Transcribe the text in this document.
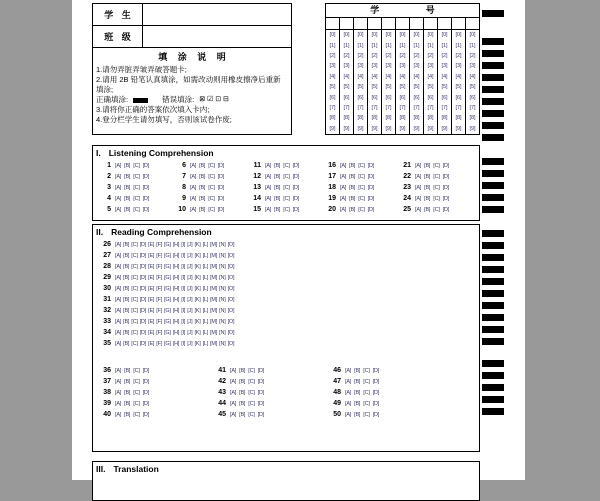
学 生
班 级
填 涂 说 明
1.请勿弄脏弄皱弄破答题卡;
2.请用 2B 铅笔认真填涂，如需改动则用橡皮擦净后重新填涂;
正确填涂:	错误填涂: ⊠ ☑ ⊡ ⊟
3.请将你正确的答案依次填入卡内;
4.登分栏学生请勿填写，否则该试卷作废;
学 号
[0]
[1]
[2]
[3]
[4]
[5]
[6]
[7]
[8]
[9]
[0]
[1]
[2]
[3]
[4]
[5]
[6]
[7]
[8]
[9]
[0]
[1]
[2]
[3]
[4]
[5]
[6]
[7]
[8]
[9]
[0]
[1]
[2]
[3]
[4]
[5]
[6]
[7]
[8]
[9]
[0]
[1]
[2]
[3]
[4]
[5]
[6]
[7]
[8]
[9]
[0]
[1]
[2]
[3]
[4]
[5]
[6]
[7]
[8]
[9]
[0]
[1]
[2]
[3]
[4]
[5]
[6]
[7]
[8]
[9]
[0]
[1]
[2]
[3]
[4]
[5]
[6]
[7]
[8]
[9]
[0]
[1]
[2]
[3]
[4]
[5]
[6]
[7]
[8]
[9]
[0]
[1]
[2]
[3]
[4]
[5]
[6]
[7]
[8]
[9]
[0]
[1]
[2]
[3]
[4]
[5]
[6]
[7]
[8]
[9]
I. Listening Comprehension
1 [A] [B] [C] [D]
2 [A] [B] [C] [D]
3 [A] [B] [C] [D]
4 [A] [B] [C] [D]
5 [A] [B] [C] [D]
6 [A] [B] [C] [D]
7 [A] [B] [C] [D]
8 [A] [B] [C] [D]
9 [A] [B] [C] [D]
10 [A] [B] [C] [D]
11 [A] [B] [C] [D]
12 [A] [B] [C] [D]
13 [A] [B] [C] [D]
14 [A] [B] [C] [D]
15 [A] [B] [C] [D]
16 [A] [B] [C] [D]
17 [A] [B] [C] [D]
18 [A] [B] [C] [D]
19 [A] [B] [C] [D]
20 [A] [B] [C] [D]
21 [A] [B] [C] [D]
22 [A] [B] [C] [D]
23 [A] [B] [C] [D]
24 [A] [B] [C] [D]
25 [A] [B] [C] [D]
II. Reading Comprehension
26 [A] [B] [C] [D] [E] [F] [G] [H] [I] [J] [K] [L] [M] [N] [O]
27 [A] [B] [C] [D] [E] [F] [G] [H] [I] [J] [K] [L] [M] [N] [O]
28 [A] [B] [C] [D] [E] [F] [G] [H] [I] [J] [K] [L] [M] [N] [O]
29 [A] [B] [C] [D] [E] [F] [G] [H] [I] [J] [K] [L] [M] [N] [O]
30 [A] [B] [C] [D] [E] [F] [G] [H] [I] [J] [K] [L] [M] [N] [O]
31 [A] [B] [C] [D] [E] [F] [G] [H] [I] [J] [K] [L] [M] [N] [O]
32 [A] [B] [C] [D] [E] [F] [G] [H] [I] [J] [K] [L] [M] [N] [O]
33 [A] [B] [C] [D] [E] [F] [G] [H] [I] [J] [K] [L] [M] [N] [O]
34 [A] [B] [C] [D] [E] [F] [G] [H] [I] [J] [K] [L] [M] [N] [O]
35 [A] [B] [C] [D] [E] [F] [G] [H] [I] [J] [K] [L] [M] [N] [O]
36 [A] [B] [C] [D]
37 [A] [B] [C] [D]
38 [A] [B] [C] [D]
39 [A] [B] [C] [D]
40 [A] [B] [C] [D]
41 [A] [B] [C] [D]
42 [A] [B] [C] [D]
43 [A] [B] [C] [D]
44 [A] [B] [C] [D]
45 [A] [B] [C] [D]
46 [A] [B] [C] [D]
47 [A] [B] [C] [D]
48 [A] [B] [C] [D]
49 [A] [B] [C] [D]
50 [A] [B] [C] [D]
III. Translation
